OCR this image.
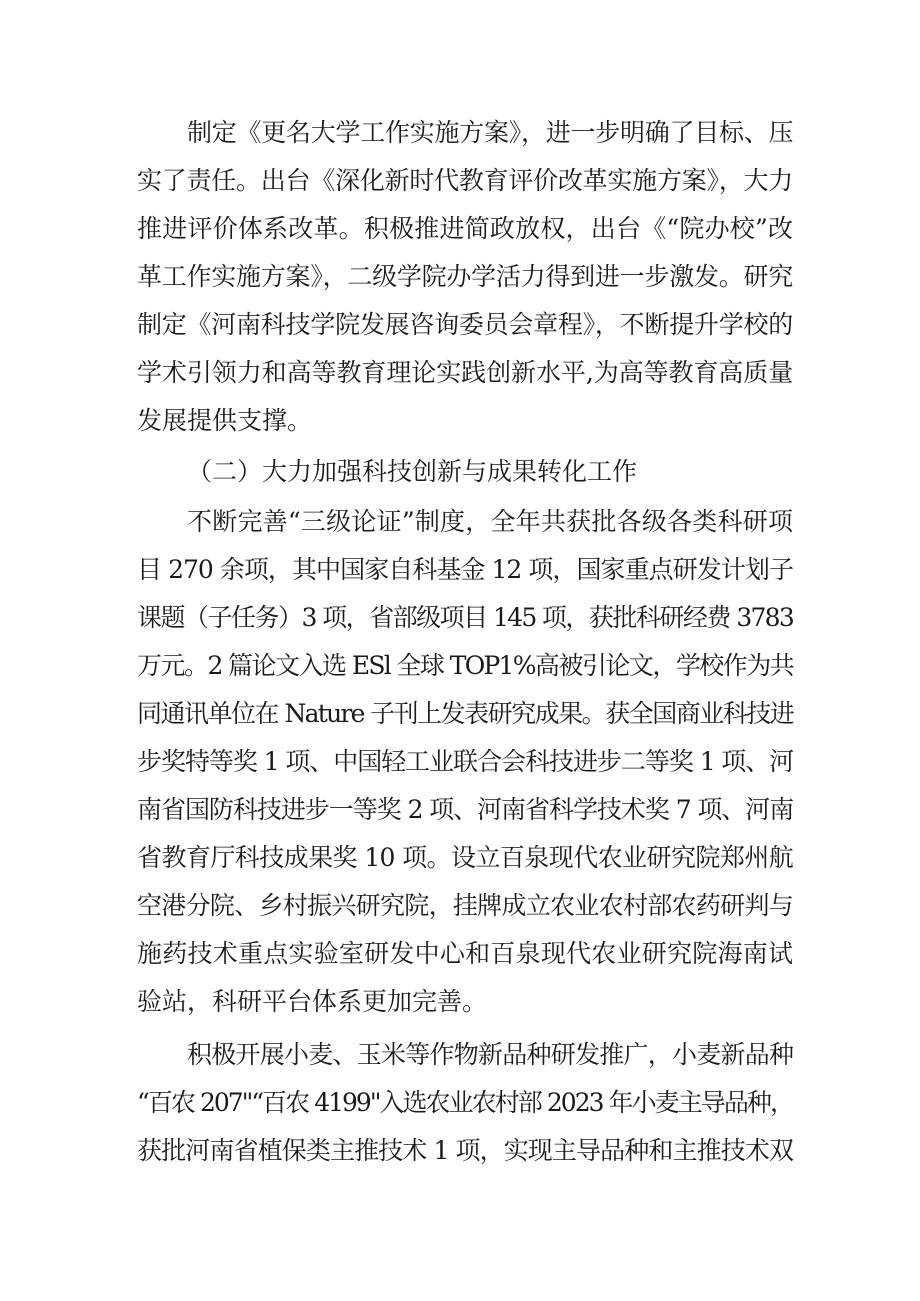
制定《更名大学工作实施方案》，进一步明确了目标、压
实了责任。出台《深化新时代教育评价改革实施方案》，大力
推进评价体系改革。积极推进简政放权，出台《“院办校”改
革工作实施方案》，二级学院办学活力得到进一步激发。研究
制定《河南科技学院发展咨询委员会章程》，不断提升学校的
学术引领力和高等教育理论实践创新水平,为高等教育高质量
发展提供支撑。
（二）大力加强科技创新与成果转化工作
不断完善“三级论证”制度，全年共获批各级各类科研项
目 270 余项，其中国家自科基金 12 项，国家重点研发计划子
课题（子任务）3 项，省部级项目 145 项，获批科研经费 3783
万元。2 篇论文入选 ESl 全球 TOP1%高被引论文，学校作为共
同通讯单位在 Nature 子刊上发表研究成果。获全国商业科技进
步奖特等奖 1 项、中国轻工业联合会科技进步二等奖 1 项、河
南省国防科技进步一等奖 2 项、河南省科学技术奖 7 项、河南
省教育厅科技成果奖 10 项。设立百泉现代农业研究院郑州航
空港分院、乡村振兴研究院，挂牌成立农业农村部农药研判与
施药技术重点实验室研发中心和百泉现代农业研究院海南试
验站，科研平台体系更加完善。
积极开展小麦、玉米等作物新品种研发推广，小麦新品种
“百农 207"“百农 4199"入选农业农村部 2023 年小麦主导品种，
获批河南省植保类主推技术 1 项，实现主导品种和主推技术双
